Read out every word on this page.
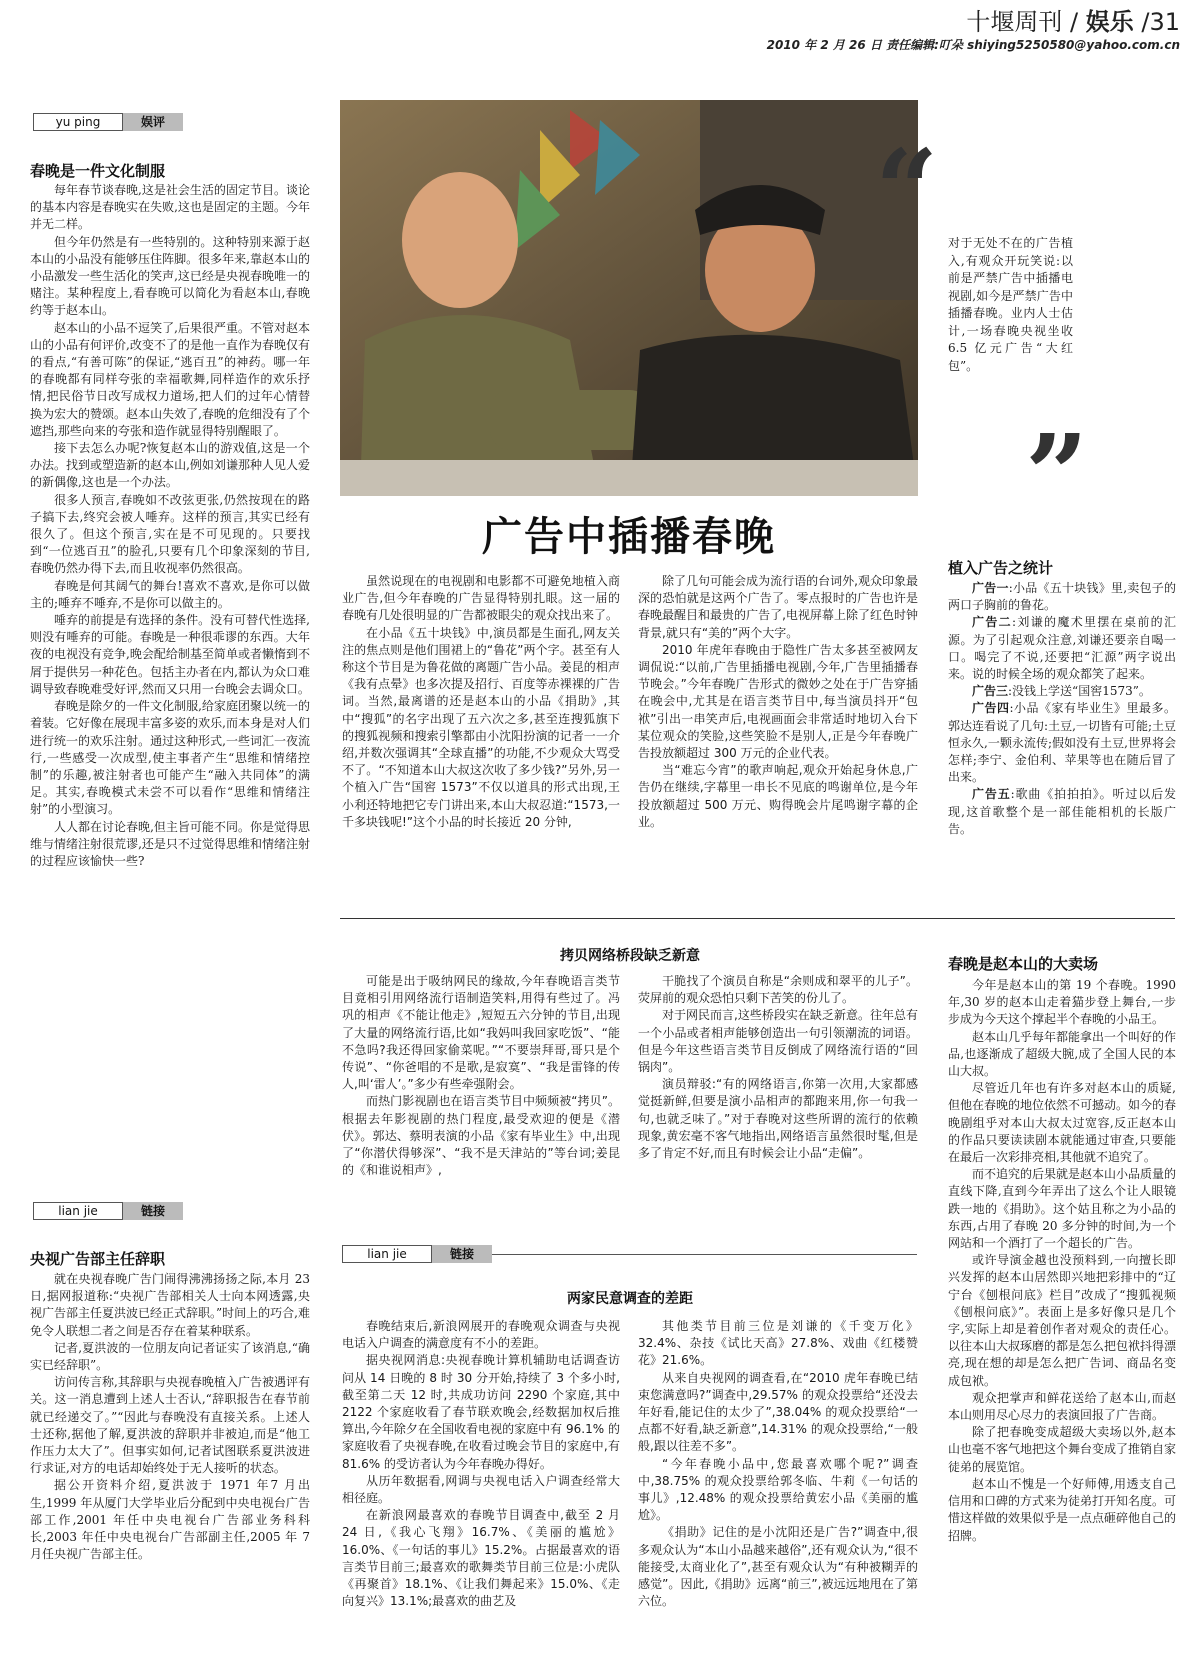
十堰周刊 / 娱乐 /31
2010 年 2 月 26 日 责任编辑:叮朵 shiying5250580@yahoo.com.cn
yu ping	娱评
春晚是一件文化制服

每年春节谈春晚,这是社会生活的固定节目。谈论的基本内容是春晚实在失败,这也是固定的主题。今年并无二样。

但今年仍然是有一些特别的。这种特别来源于赵本山的小品没有能够压住阵脚。很多年来,靠赵本山的小品激发一些生活化的笑声,这已经是央视春晚唯一的赌注。某种程度上,看春晚可以简化为看赵本山,春晚约等于赵本山。

赵本山的小品不逗笑了,后果很严重。不管对赵本山的小品有何评价,改变不了的是他一直作为春晚仅有的看点,“有善可陈”的保证,“逃百丑”的神药。哪一年的春晚都有同样夸张的幸福歌舞,同样造作的欢乐抒情,把民俗节日改写成权力道场,把人们的过年心情替换为宏大的赞颂。赵本山失效了,春晚的危细没有了个遮挡,那些向来的夸张和造作就显得特别醒眼了。

接下去怎么办呢?恢复赵本山的游戏值,这是一个办法。找到或塑造新的赵本山,例如刘谦那种人见人爱的新偶像,这也是一个办法。

很多人预言,春晚如不改弦更张,仍然按现在的路子搞下去,终究会被人唾弃。这样的预言,其实已经有很久了。但这个预言,实在是不可见现的。只要找到“一位逃百丑”的脸孔,只要有几个印象深刻的节目,春晚仍然办得下去,而且收视率仍然很高。

春晚是何其阔气的舞台!喜欢不喜欢,是你可以做主的;唾弃不唾弃,不是你可以做主的。

唾弃的前提是有选择的条件。没有可替代性选择,则没有唾弃的可能。春晚是一种很乖谬的东西。大年夜的电视没有竞争,晚会配给制基至简单或者懒惰到不屑于提供另一种花色。包括主办者在内,都认为众口难调导致春晚难受好评,然而又只用一台晚会去调众口。

春晚是除夕的一件文化制服,给家庭团聚以统一的着装。它好像在展现丰富多姿的欢乐,而本身是对人们进行统一的欢乐注射。通过这种形式,一些词汇一夜流行,一些感受一次成型,使主事者产生“思维和情绪控制”的乐趣,被注射者也可能产生“融入共同体”的满足。其实,春晚模式未尝不可以看作“思维和情绪注射”的小型演习。

人人都在讨论春晚,但主旨可能不同。你是觉得思维与情绪注射很荒谬,还是只不过觉得思维和情绪注射的过程应该愉快一些?

lian jie	链接
央视广告部主任辞职

就在央视春晚广告门闹得沸沸扬扬之际,本月 23 日,据网报道称:“央视广告部相关人士向本网透露,央视广告部主任夏洪波已经正式辞职。”时间上的巧合,难免令人联想二者之间是否存在着某种联系。

记者,夏洪波的一位朋友向记者证实了该消息,“确实已经辞职”。

访问传言称,其辞职与央视春晚植入广告被遇评有关。这一消息遭到上述人士否认,“辞职报告在春节前就已经递交了。”“因此与春晚没有直接关系。上述人士还称,据他了解,夏洪波的辞职并非被迫,而是“他工作压力太大了”。但事实如何,记者试图联系夏洪波进行求证,对方的电话却始终处于无人接听的状态。

据公开资料介绍,夏洪波于 1971 年7 月出生,1999 年从厦门大学毕业后分配到中央电视台广告部工作,2001 年任中央电视台广告部业务科科长,2003 年任中央电视台广告部副主任,2005 年 7 月任央视广告部主任。

广告中插播春晚
“ 对于无处不在的广告植入,有观众开玩笑说:以前是严禁广告中插播电视剧,如今是严禁广告中插播春晚。业内人士估计,一场春晚央视坐收 6.5 亿元广告“大红包”。
”

虽然说现在的电视剧和电影都不可避免地植入商业广告,但今年春晚的广告显得特别扎眼。这一届的春晚有几处很明显的广告都被眼尖的观众找出来了。

在小品《五十块钱》中,演员都是生面孔,网友关注的焦点则是他们围裙上的“鲁花”两个字。甚至有人称这个节目是为鲁花做的离题广告小品。姜昆的相声《我有点晕》也多次提及招行、百度等赤裸裸的广告词。当然,最离谱的还是赵本山的小品《捐助》,其中“搜狐”的名字出现了五六次之多,甚至连搜狐旗下的搜狐视频和搜索引擎都由小沈阳扮演的记者一一介绍,并数次强调其“全球直播”的功能,不少观众大骂受不了。“不知道本山大叔这次收了多少钱?”另外,另一个植入广告“国窖 1573”不仅以道具的形式出现,王小利还特地把它专门讲出来,本山大叔忍道:“1573,一千多块钱呢!”这个小品的时长接近 20 分钟,

除了几句可能会成为流行语的台词外,观众印象最深的恐怕就是这两个广告了。零点报时的广告也许是春晚最醒目和最贵的广告了,电视屏幕上除了红色时钟背景,就只有“美的”两个大字。

2010 年虎年春晚由于隐性广告太多甚至被网友调侃说:“以前,广告里插播电视剧,今年,广告里插播春节晚会。”今年春晚广告形式的微妙之处在于广告穿插在晚会中,尤其是在语言类节目中,每当演员抖开“包袱”引出一串笑声后,电视画面会非常适时地切入台下某位观众的笑脸,这些笑脸不是别人,正是今年春晚广告投放额超过 300 万元的企业代表。

当“难忘今宵”的歌声响起,观众开始起身休息,广告仍在继续,字幕里一串长不见底的鸣谢单位,是今年投放额超过 500 万元、购得晚会片尾鸣谢字幕的企业。

植入广告之统计

广告一:小品《五十块钱》里,卖包子的两口子胸前的鲁花。

广告二:刘谦的魔术里摆在桌前的汇源。为了引起观众注意,刘谦还要亲自喝一口。喝完了不说,还要把“汇源”两字说出来。说的时候全场的观众都笑了起来。

广告三:没钱上学送“国窖1573”。

广告四:小品《家有毕业生》里最多。郭达连看说了几句:土豆,一切皆有可能;土豆恒永久,一颗永流传;假如没有土豆,世界将会怎样;李宁、金伯利、苹果等也在随后冒了出来。

广告五:歌曲《拍拍拍》。听过以后发现,这首歌整个是一部佳能相机的长版广告。

拷贝网络桥段缺乏新意

可能是出于吸纳网民的缘故,今年春晚语言类节目竟相引用网络流行语制造笑料,用得有些过了。冯巩的相声《不能让他走》,短短五六分钟的节目,出现了大量的网络流行语,比如“我妈叫我回家吃饭”、“能不急吗?我还得回家偷菜呢。”“不要崇拜哥,哥只是个传说”、“你爸唱的不是歌,是寂寞”、“我是雷锋的传人,叫‘雷人’。”多少有些牵强附会。

而热门影视剧也在语言类节目中频频被“拷贝”。根据去年影视剧的热门程度,最受欢迎的便是《潜伏》。郭达、蔡明表演的小品《家有毕业生》中,出现了“你潜伏得够深”、“我不是天津站的”等台词;姜昆的《和谁说相声》,

干脆找了个演员自称是“余则成和翠平的儿子”。荧屏前的观众恐怕只剩下苦笑的份儿了。

对于网民而言,这些桥段实在缺乏新意。往年总有一个小品或者相声能够创造出一句引领潮流的词语。但是今年这些语言类节目反倒成了网络流行语的“回锅肉”。

演员辩驳:“有的网络语言,你第一次用,大家都感觉挺新鲜,但要是演小品相声的都跑来用,你一句我一句,也就乏味了。”对于春晚对这些所谓的流行的依赖现象,黄宏毫不客气地指出,网络语言虽然很时髦,但是多了肯定不好,而且有时候会让小品“走偏”。

lian jie	链接
两家民意调查的差距

春晚结束后,新浪网展开的春晚观众调查与央视电话入户调查的满意度有不小的差距。

据央视网消息:央视春晚计算机辅助电话调查访问从 14 日晚的 8 时 30 分开始,持续了 3 个多小时,截至第二天 12 时,共成功访问 2290 个家庭,其中 2122 个家庭收看了春节联欢晚会,经数据加权后推算出,今年除夕在全国收看电视的家庭中有 96.1% 的家庭收看了央视春晚,在收看过晚会节目的家庭中,有 81.6% 的受访者认为今年春晚办得好。

从历年数据看,网调与央视电话入户调查经常大相径庭。

在新浪网最喜欢的春晚节目调查中,截至 2 月 24 日,《我心飞翔》16.7%、《美丽的尴尬》16.0%、《一句话的事儿》15.2%。占据最喜欢的语言类节目前三;最喜欢的歌舞类节目前三位是:小虎队《再聚首》18.1%、《让我们舞起来》15.0%、《走向复兴》13.1%;最喜欢的曲艺及

其他类节目前三位是刘谦的《千变万化》32.4%、杂技《试比天高》27.8%、戏曲《红楼赞花》21.6%。

从来自央视网的调查看,在“2010 虎年春晚已结束您满意吗?”调查中,29.57% 的观众投票给“还没去年好看,能记住的太少了”,38.04% 的观众投票给“一点都不好看,缺乏新意”,14.31% 的观众投票给,“一般般,跟以往差不多”。

“今年春晚小品中,您最喜欢哪个呢?”调查中,38.75% 的观众投票给郭冬临、牛莉《一句话的事儿》,12.48% 的观众投票给黄宏小品《美丽的尴尬》。

《捐助》记住的是小沈阳还是广告?”调查中,很多观众认为“本山小品越来越俗”,还有观众认为,“很不能接受,太商业化了”,甚至有观众认为“有种被糊弄的感觉”。因此,《捐助》远离“前三”,被远远地甩在了第六位。

春晚是赵本山的大卖场

今年是赵本山的第 19 个春晚。1990 年,30 岁的赵本山走着猫步登上舞台,一步步成为今天这个撑起半个春晚的小品王。

赵本山几乎每年都能拿出一个叫好的作品,也逐渐成了超级大腕,成了全国人民的本山大叔。

尽管近几年也有许多对赵本山的质疑,但他在春晚的地位依然不可撼动。如今的春晚剧组乎对本山大叔太过宽容,反正赵本山的作品只要读读剧本就能通过审查,只要能在最后一次彩排亮相,其他就不追究了。

而不追究的后果就是赵本山小品质量的直线下降,直到今年弄出了这么个让人眼镜跌一地的《捐助》。这个姑且称之为小品的东西,占用了春晚 20 多分钟的时间,为一个网站和一个酒打了一个超长的广告。

或许导演金越也没预料到,一向擅长即兴发挥的赵本山居然即兴地把彩排中的“辽宁台《刨根问底》栏目”改成了“搜狐视频《刨根问底》”。表面上是多好像只是几个字,实际上却是着创作者对观众的责任心。以往本山大叔琢磨的都是怎么把包袱抖得漂亮,现在想的却是怎么把广告词、商品名变成包袱。

观众把掌声和鲜花送给了赵本山,而赵本山则用尽心尽力的表演回报了广告商。

除了把春晚变成超级大卖场以外,赵本山也毫不客气地把这个舞台变成了推销自家徒弟的展览馆。

赵本山不愧是一个好师傅,用透支自己信用和口碑的方式来为徒弟打开知名度。可惜这样做的效果似乎是一点点砸碎他自己的招牌。
